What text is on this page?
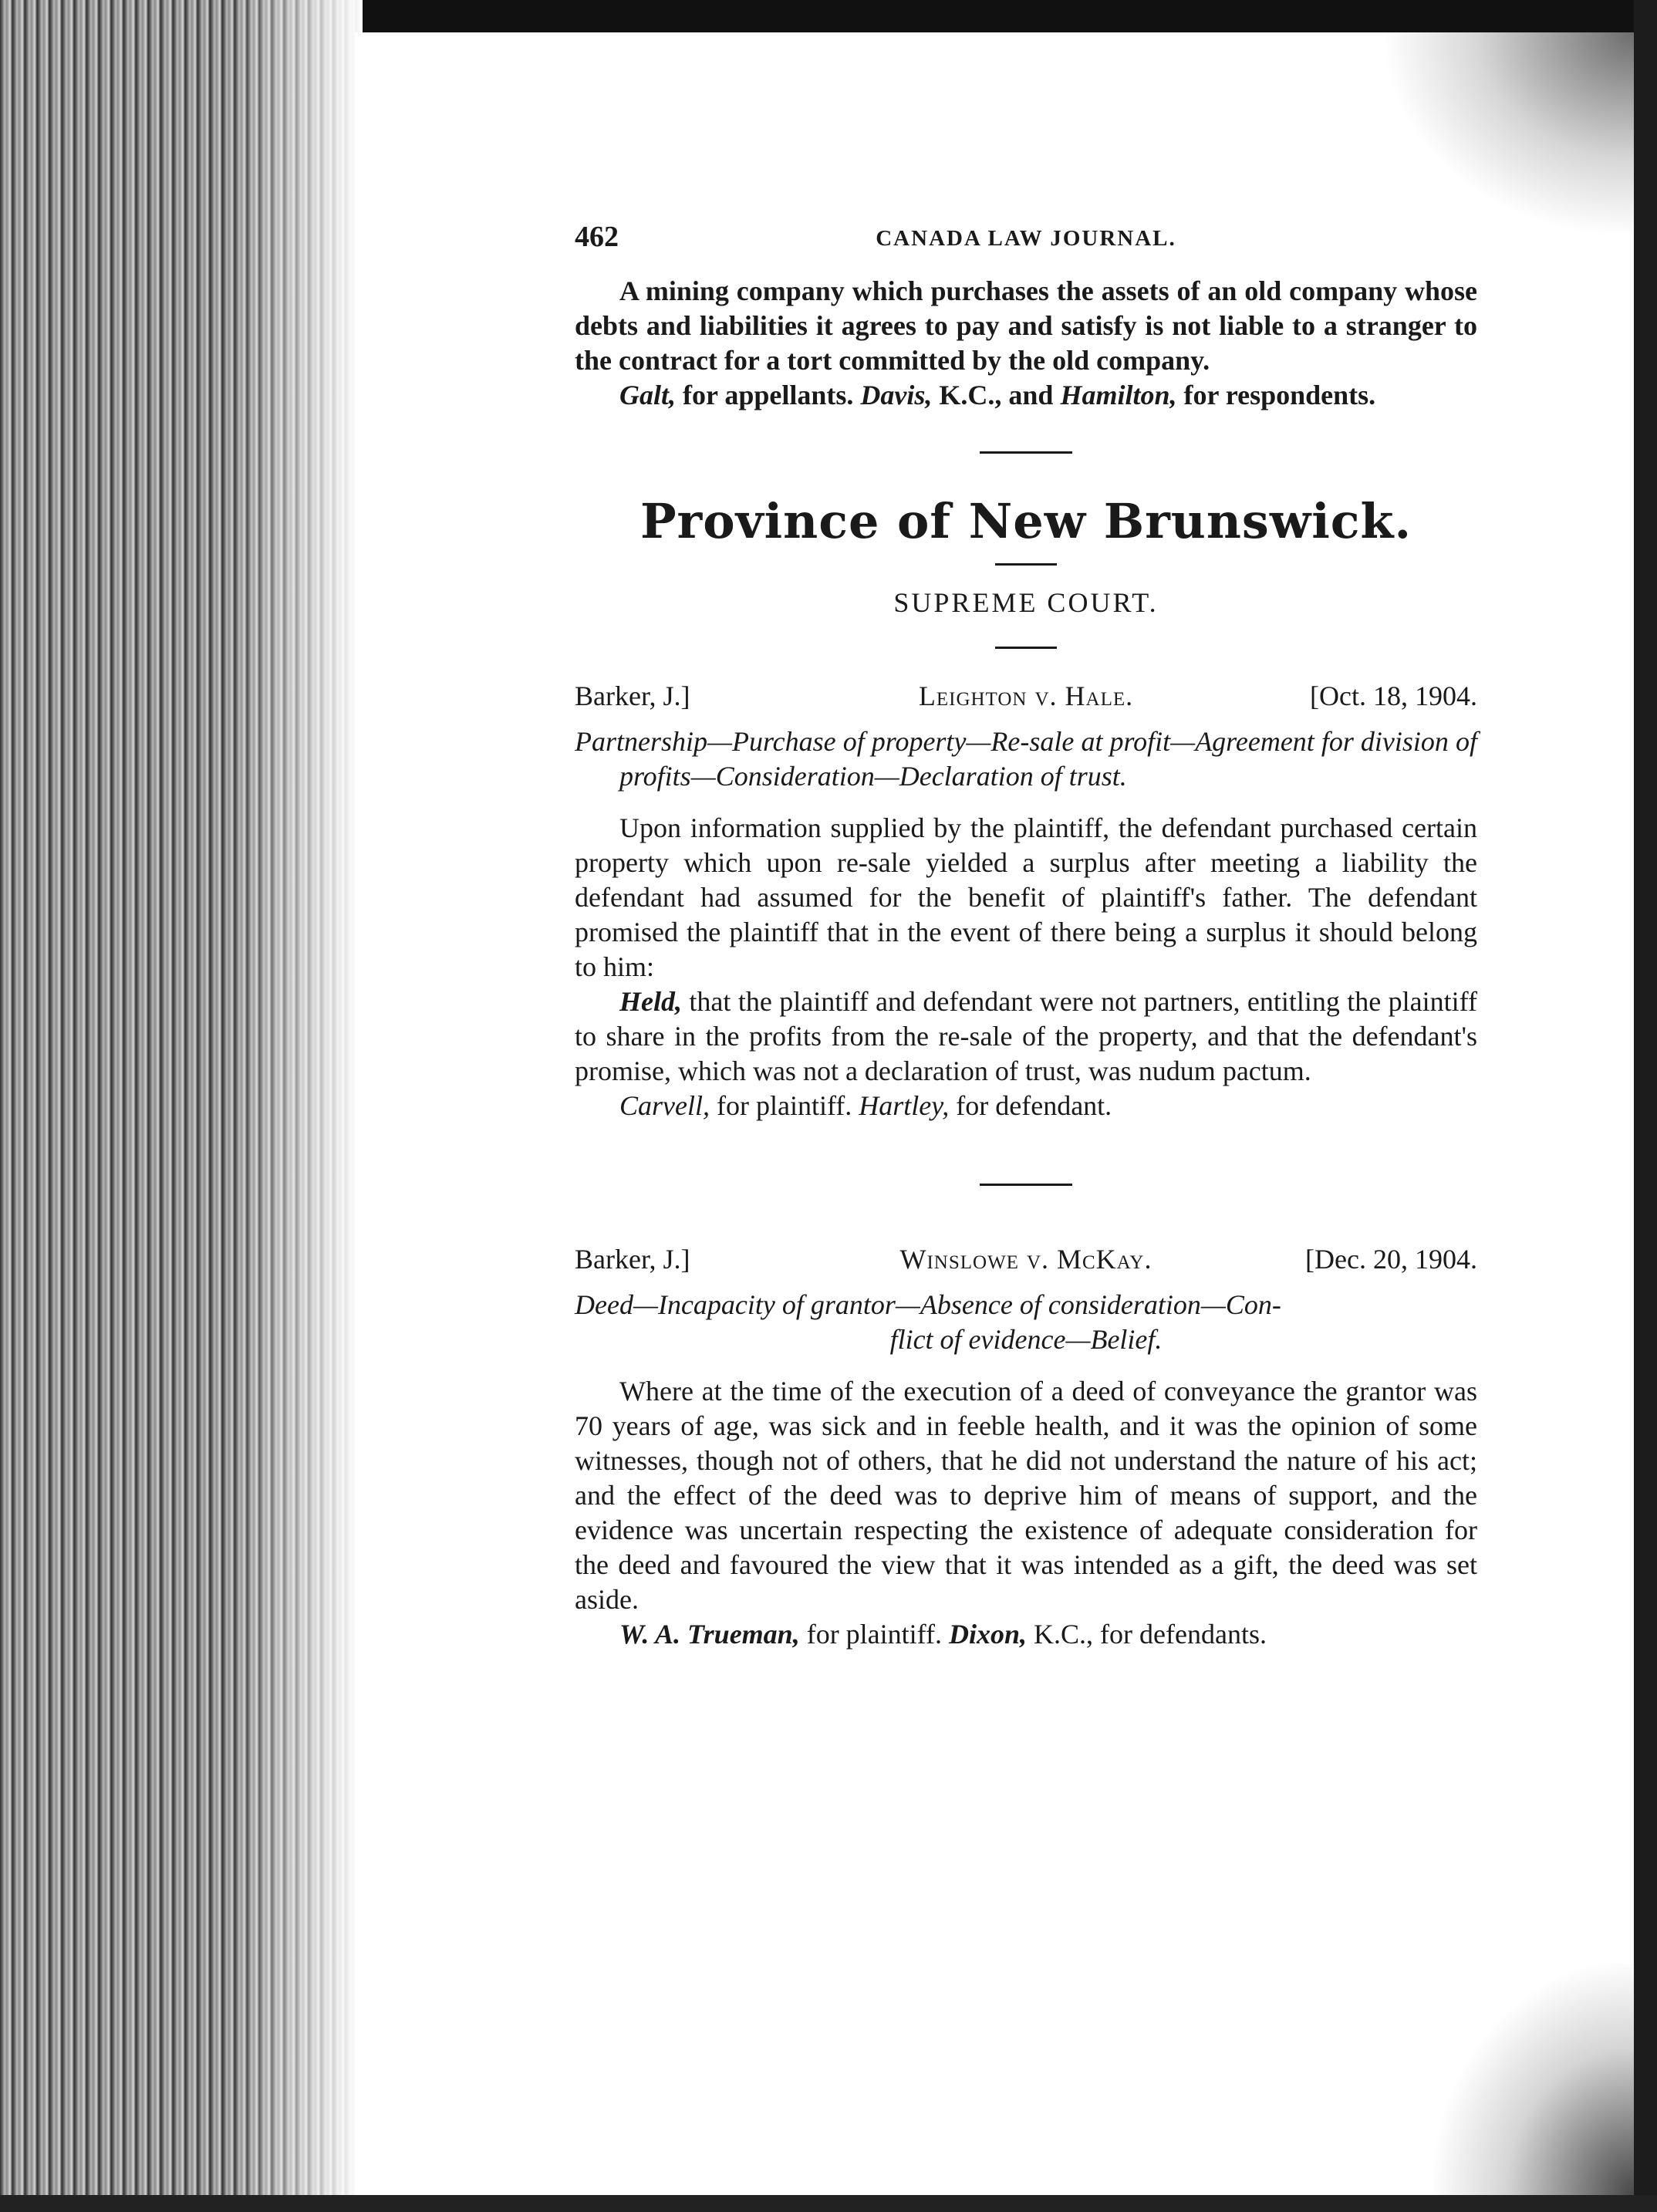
462	CANADA LAW JOURNAL.

A mining company which purchases the assets of an old company whose debts and liabilities it agrees to pay and satisfy is not liable to a stranger to the contract for a tort committed by the old company.

Galt, for appellants. Davis, K.C., and Hamilton, for respondents.

Province of New Brunswick.
SUPREME COURT.
Barker, J.]	Leighton v. Hale.	[Oct. 18, 1904.

Partnership—Purchase of property—Re-sale at profit—Agreement for division of profits—Consideration—Declaration of trust.

Upon information supplied by the plaintiff, the defendant purchased certain property which upon re-sale yielded a surplus after meeting a liability the defendant had assumed for the benefit of plaintiff's father. The defendant promised the plaintiff that in the event of there being a surplus it should belong to him:

Held, that the plaintiff and defendant were not partners, entitling the plaintiff to share in the profits from the re-sale of the property, and that the defendant's promise, which was not a declaration of trust, was nudum pactum.

Carvell, for plaintiff. Hartley, for defendant.

Barker, J.]	Winslowe v. McKay.	[Dec. 20, 1904.

Deed—Incapacity of grantor—Absence of consideration—Con-
flict of evidence—Belief.

Where at the time of the execution of a deed of conveyance the grantor was 70 years of age, was sick and in feeble health, and it was the opinion of some witnesses, though not of others, that he did not understand the nature of his act; and the effect of the deed was to deprive him of means of support, and the evidence was uncertain respecting the existence of adequate consideration for the deed and favoured the view that it was intended as a gift, the deed was set aside.

W. A. Trueman, for plaintiff. Dixon, K.C., for defendants.
